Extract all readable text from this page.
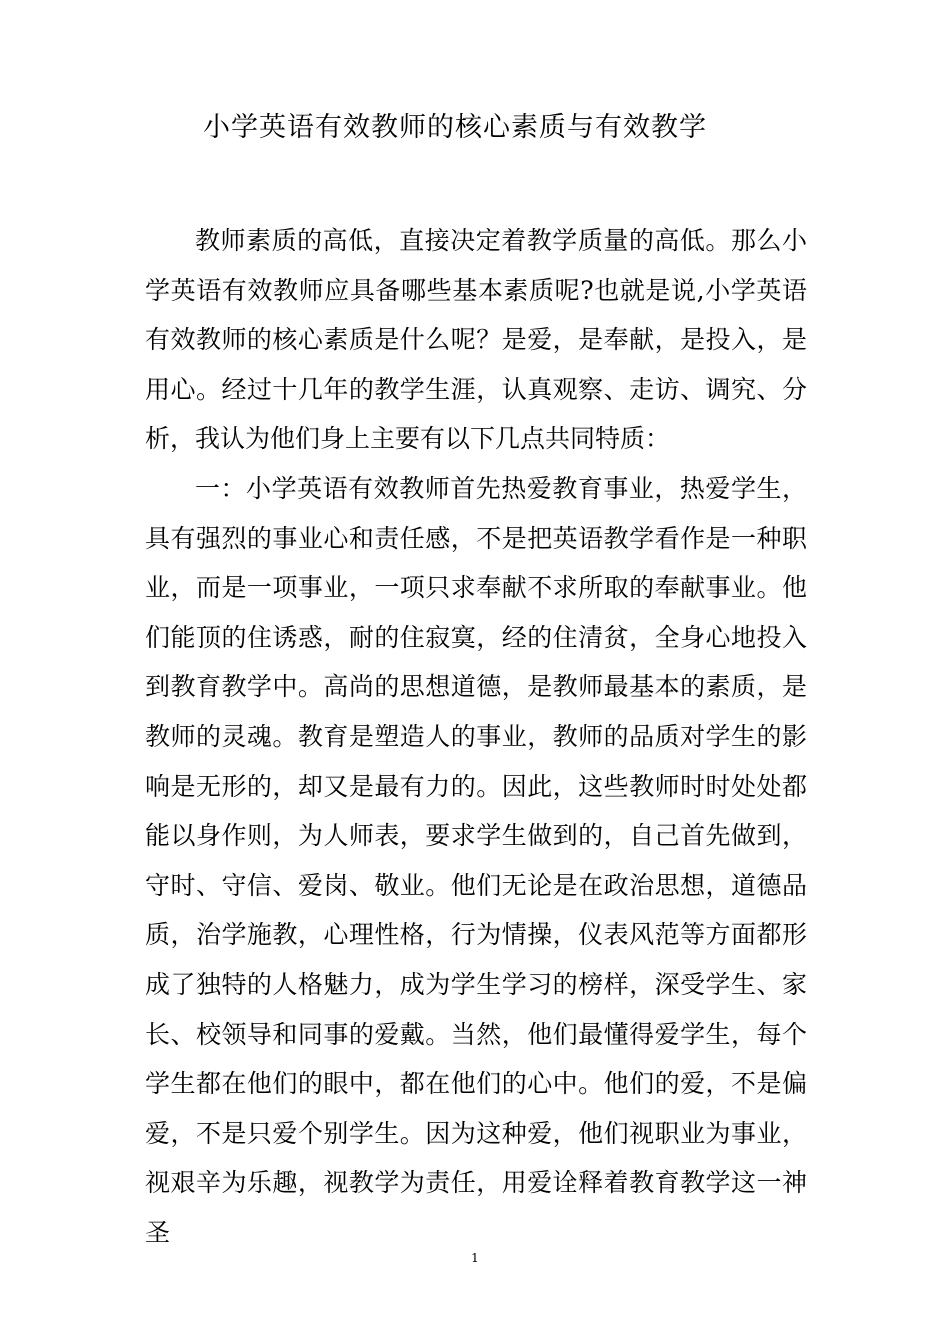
小学英语有效教师的核心素质与有效教学

教师素质的高低，直接决定着教学质量的高低。那么小学英语有效教师应具备哪些基本素质呢?也就是说,小学英语有效教师的核心素质是什么呢？是爱，是奉献，是投入，是用心。经过十几年的教学生涯，认真观察、走访、调究、分析，我认为他们身上主要有以下几点共同特质：

一：小学英语有效教师首先热爱教育事业，热爱学生，具有强烈的事业心和责任感，不是把英语教学看作是一种职业，而是一项事业，一项只求奉献不求所取的奉献事业。他们能顶的住诱惑，耐的住寂寞，经的住清贫，全身心地投入到教育教学中。高尚的思想道德，是教师最基本的素质，是教师的灵魂。教育是塑造人的事业，教师的品质对学生的影响是无形的，却又是最有力的。因此，这些教师时时处处都能以身作则，为人师表，要求学生做到的，自己首先做到，守时、守信、爱岗、敬业。他们无论是在政治思想，道德品质，治学施教，心理性格，行为情操，仪表风范等方面都形成了独特的人格魅力，成为学生学习的榜样，深受学生、家长、校领导和同事的爱戴。当然，他们最懂得爱学生，每个学生都在他们的眼中，都在他们的心中。他们的爱，不是偏爱，不是只爱个别学生。因为这种爱，他们视职业为事业，视艰辛为乐趣，视教学为责任，用爱诠释着教育教学这一神圣

1
